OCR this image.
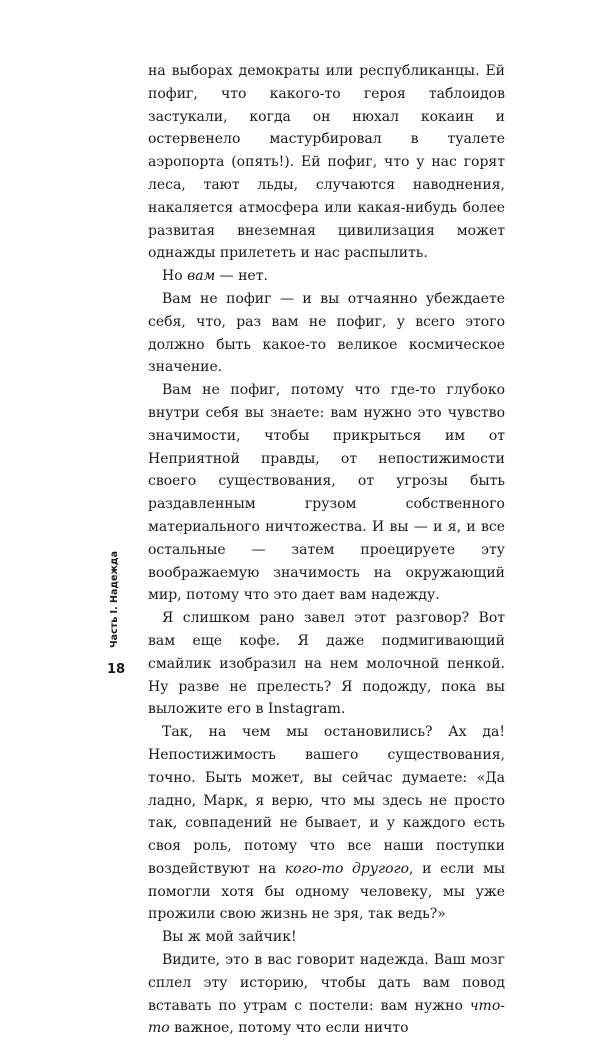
на выборах демократы или республиканцы. Ей пофиг, что какого-то героя таблоидов застукали, когда он нюхал кокаин и остервенело мастурбировал в туалете аэропорта (опять!). Ей пофиг, что у нас горят леса, тают льды, случаются наводнения, накаляется атмосфера или какая-нибудь более развитая внеземная цивилизация может однажды прилететь и нас распылить.

Но вам — нет.

Вам не пофиг — и вы отчаянно убеждаете себя, что, раз вам не пофиг, у всего этого должно быть какое-то великое космическое значение.

Вам не пофиг, потому что где-то глубоко внутри себя вы знаете: вам нужно это чувство значимости, чтобы прикрыться им от Неприятной правды, от непостижимости своего существования, от угрозы быть раздавленным грузом собственного материального ничтожества. И вы — и я, и все остальные — затем проецируете эту воображаемую значимость на окружающий мир, потому что это дает вам надежду.

Я слишком рано завел этот разговор? Вот вам еще кофе. Я даже подмигивающий смайлик изобразил на нем молочной пенкой. Ну разве не прелесть? Я подожду, пока вы выложите его в Instagram.

Так, на чем мы остановились? Ах да! Непостижимость вашего существования, точно. Быть может, вы сейчас думаете: «Да ладно, Марк, я верю, что мы здесь не просто так, совпадений не бывает, и у каждого есть своя роль, потому что все наши поступки воздействуют на кого-то другого, и если мы помогли хотя бы одному человеку, мы уже прожили свою жизнь не зря, так ведь?»

Вы ж мой зайчик!

Видите, это в вас говорит надежда. Ваш мозг сплел эту историю, чтобы дать вам повод вставать по утрам с постели: вам нужно что-то важное, потому что если ничто

Часть I. Надежда
18
